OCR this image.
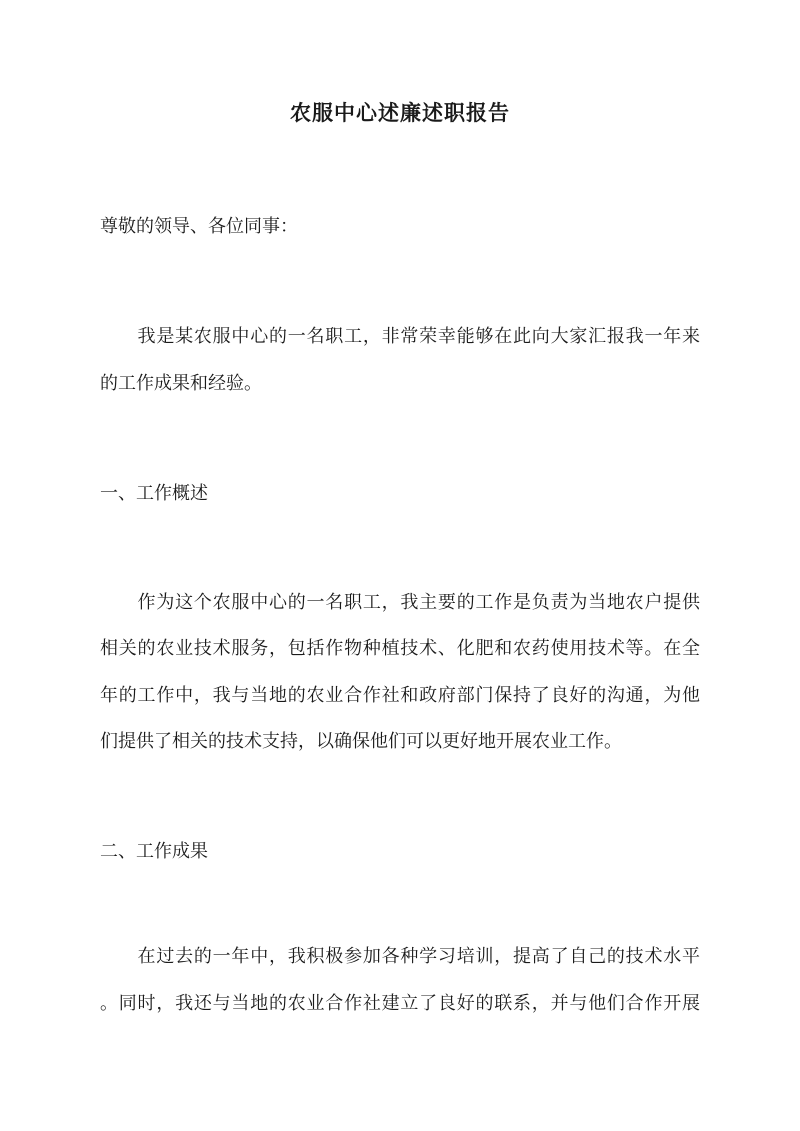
农服中心述廉述职报告
尊敬的领导、各位同事：
　　我是某农服中心的一名职工，非常荣幸能够在此向大家汇报我一年来
的工作成果和经验。
一、工作概述
　　作为这个农服中心的一名职工，我主要的工作是负责为当地农户提供
相关的农业技术服务，包括作物种植技术、化肥和农药使用技术等。在全
年的工作中，我与当地的农业合作社和政府部门保持了良好的沟通，为他
们提供了相关的技术支持，以确保他们可以更好地开展农业工作。
二、工作成果
　　在过去的一年中，我积极参加各种学习培训，提高了自己的技术水平
。同时，我还与当地的农业合作社建立了良好的联系，并与他们合作开展
